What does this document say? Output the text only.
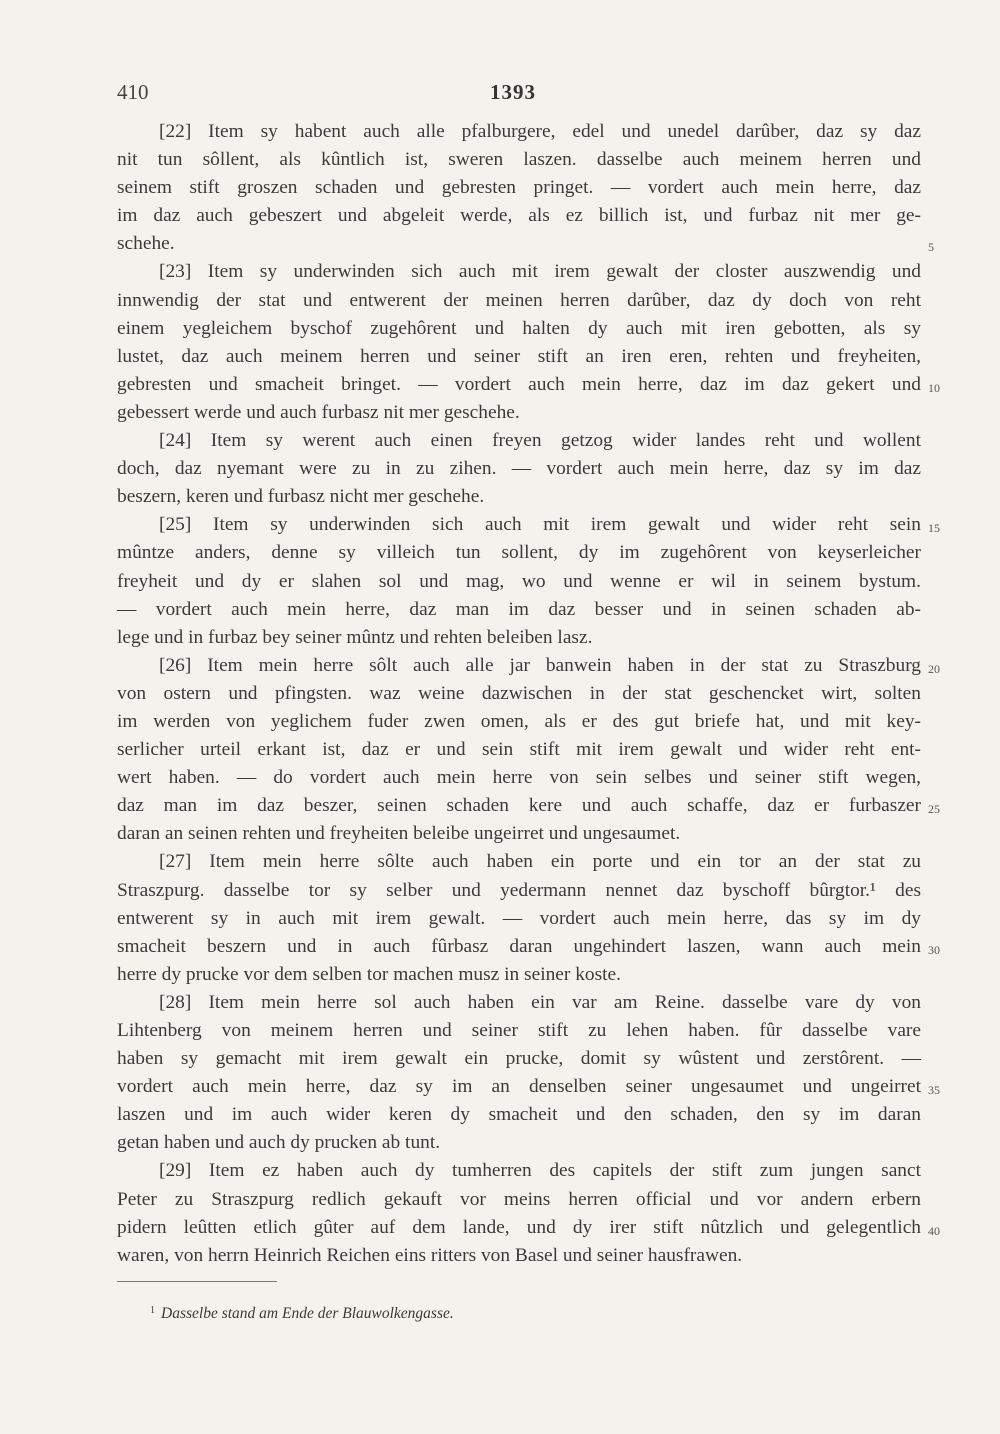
410	1393
[22] Item sy habent auch alle pfalburgere, edel und unedel darûber, daz sy daz
nit tun sôllent, als kûntlich ist, sweren laszen. dasselbe auch meinem herren und
seinem stift groszen schaden und gebresten pringet. — vordert auch mein herre, daz
im daz auch gebeszert und abgeleit werde, als ez billich ist, und furbaz nit mer ge-
schehe.
[23] Item sy underwinden sich auch mit irem gewalt der closter auszwendig und
innwendig der stat und entwerent der meinen herren darûber, daz dy doch von reht
einem yegleichem byschof zugehôrent und halten dy auch mit iren gebotten, als sy
lustet, daz auch meinem herren und seiner stift an iren eren, rehten und freyheiten,
gebresten und smacheit bringet. — vordert auch mein herre, daz im daz gekert und
gebessert werde und auch furbasz nit mer geschehe.
[24] Item sy werent auch einen freyen getzog wider landes reht und wollent
doch, daz nyemant were zu in zu zihen. — vordert auch mein herre, daz sy im daz
beszern, keren und furbasz nicht mer geschehe.
[25] Item sy underwinden sich auch mit irem gewalt und wider reht sein
mûntze anders, denne sy villeich tun sollent, dy im zugehôrent von keyserleicher
freyheit und dy er slahen sol und mag, wo und wenne er wil in seinem bystum.
— vordert auch mein herre, daz man im daz besser und in seinen schaden ab-
lege und in furbaz bey seiner mûntz und rehten beleiben lasz.
[26] Item mein herre sôlt auch alle jar banwein haben in der stat zu Straszburg
von ostern und pfingsten. waz weine dazwischen in der stat geschencket wirt, solten
im werden von yeglichem fuder zwen omen, als er des gut briefe hat, und mit key-
serlicher urteil erkant ist, daz er und sein stift mit irem gewalt und wider reht ent-
wert haben. — do vordert auch mein herre von sein selbes und seiner stift wegen,
daz man im daz beszer, seinen schaden kere und auch schaffe, daz er furbaszer
daran an seinen rehten und freyheiten beleibe ungeirret und ungesaumet.
[27] Item mein herre sôlte auch haben ein porte und ein tor an der stat zu
Straszpurg. dasselbe tor sy selber und yedermann nennet daz byschoff bûrgtor.¹ des
entwerent sy in auch mit irem gewalt. — vordert auch mein herre, das sy im dy
smacheit beszern und in auch fûrbasz daran ungehindert laszen, wann auch mein
herre dy prucke vor dem selben tor machen musz in seiner koste.
[28] Item mein herre sol auch haben ein var am Reine. dasselbe vare dy von
Lihtenberg von meinem herren und seiner stift zu lehen haben. fûr dasselbe vare
haben sy gemacht mit irem gewalt ein prucke, domit sy wûstent und zerstôrent. —
vordert auch mein herre, daz sy im an denselben seiner ungesaumet und ungeirret
laszen und im auch wider keren dy smacheit und den schaden, den sy im daran
getan haben und auch dy prucken ab tunt.
[29] Item ez haben auch dy tumherren des capitels der stift zum jungen sanct
Peter zu Straszpurg redlich gekauft vor meins herren official und vor andern erbern
pidern leûtten etlich gûter auf dem lande, und dy irer stift nûtzlich und gelegentlich
waren, von herrn Heinrich Reichen eins ritters von Basel und seiner hausfrawen.
5
10
15
20
25
30
35
40
$^1$ Dasselbe stand am Ende der Blauwolkengasse.
